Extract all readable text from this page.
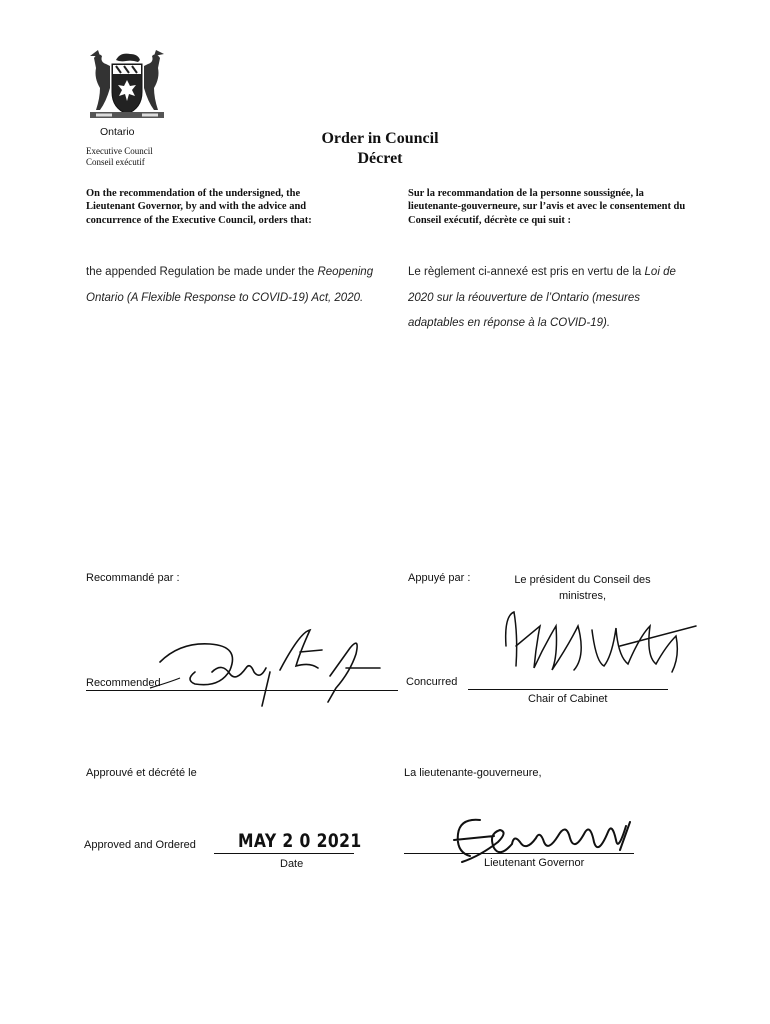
Ontario
Executive Council
Conseil exécutif
Order in Council
Décret
On the recommendation of the undersigned, the Lieutenant Governor, by and with the advice and concurrence of the Executive Council, orders that:
Sur la recommandation de la personne soussignée, la lieutenante-gouverneure, sur l’avis et avec le consentement du Conseil exécutif, décrète ce qui suit :
the appended Regulation be made under the Reopening Ontario (A Flexible Response to COVID-19) Act, 2020.
Le règlement ci-annexé est pris en vertu de la Loi de 2020 sur la réouverture de l’Ontario (mesures adaptables en réponse à la COVID-19).
Recommandé par :
Recommended
Appuyé par :	Le président du Conseil des ministres,
Concurred
Chair of Cabinet
Approuvé et décrété le	La lieutenante-gouverneure,
Approved and Ordered MAY 2 0 2021
Date	Lieutenant Governor
